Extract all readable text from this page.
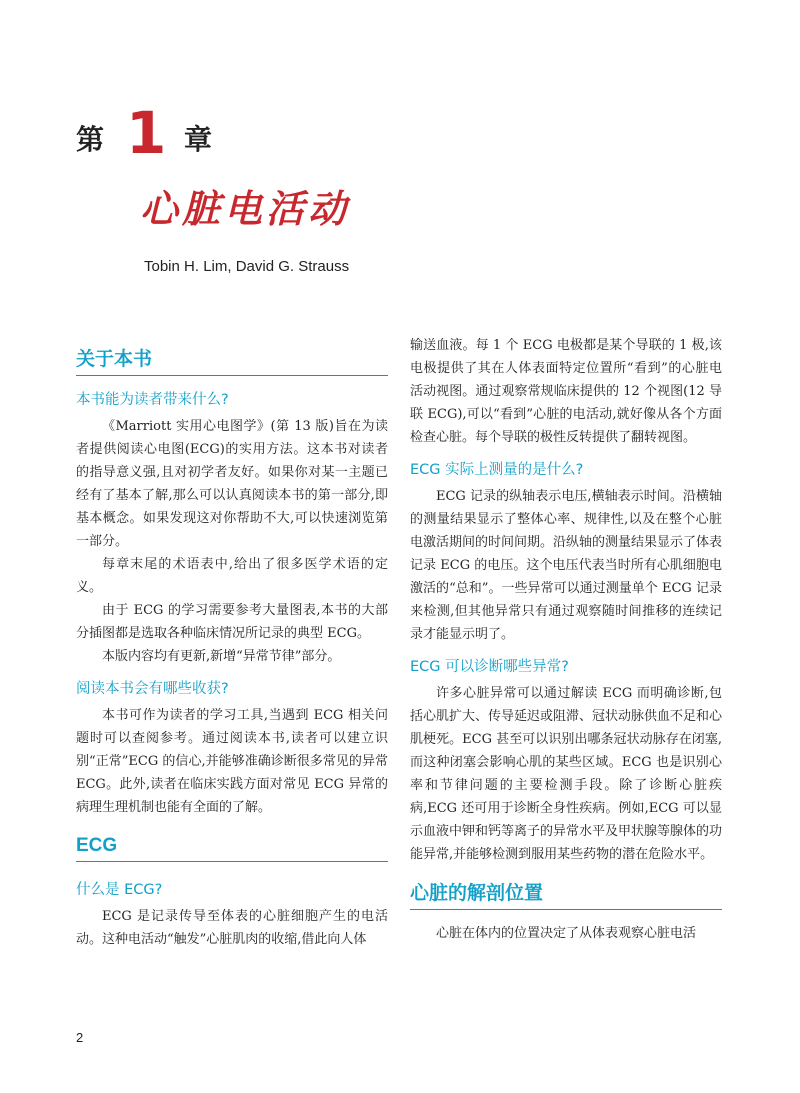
第 1 章
心脏电活动
Tobin H. Lim, David G. Strauss
关于本书
本书能为读者带来什么?

《Marriott 实用心电图学》(第 13 版)旨在为读者提供阅读心电图(ECG)的实用方法。这本书对读者的指导意义强,且对初学者友好。如果你对某一主题已经有了基本了解,那么可以认真阅读本书的第一部分,即基本概念。如果发现这对你帮助不大,可以快速浏览第一部分。

每章末尾的术语表中,给出了很多医学术语的定义。

由于 ECG 的学习需要参考大量图表,本书的大部分插图都是选取各种临床情况所记录的典型 ECG。

本版内容均有更新,新增“异常节律”部分。

阅读本书会有哪些收获?

本书可作为读者的学习工具,当遇到 ECG 相关问题时可以查阅参考。通过阅读本书,读者可以建立识别“正常”ECG 的信心,并能够准确诊断很多常见的异常 ECG。此外,读者在临床实践方面对常见 ECG 异常的病理生理机制也能有全面的了解。

ECG
什么是 ECG?

ECG 是记录传导至体表的心脏细胞产生的电活动。这种电活动“触发”心脏肌肉的收缩,借此向人体

输送血液。每 1 个 ECG 电极都是某个导联的 1 极,该电极提供了其在人体表面特定位置所“看到”的心脏电活动视图。通过观察常规临床提供的 12 个视图(12 导联 ECG),可以“看到”心脏的电活动,就好像从各个方面检查心脏。每个导联的极性反转提供了翻转视图。

ECG 实际上测量的是什么?

ECG 记录的纵轴表示电压,横轴表示时间。沿横轴的测量结果显示了整体心率、规律性,以及在整个心脏电激活期间的时间间期。沿纵轴的测量结果显示了体表记录 ECG 的电压。这个电压代表当时所有心肌细胞电激活的“总和”。一些异常可以通过测量单个 ECG 记录来检测,但其他异常只有通过观察随时间推移的连续记录才能显示明了。

ECG 可以诊断哪些异常?

许多心脏异常可以通过解读 ECG 而明确诊断,包括心肌扩大、传导延迟或阻滞、冠状动脉供血不足和心肌梗死。ECG 甚至可以识别出哪条冠状动脉存在闭塞,而这种闭塞会影响心肌的某些区域。ECG 也是识别心率和节律问题的主要检测手段。除了诊断心脏疾病,ECG 还可用于诊断全身性疾病。例如,ECG 可以显示血液中钾和钙等离子的异常水平及甲状腺等腺体的功能异常,并能够检测到服用某些药物的潜在危险水平。

心脏的解剖位置

心脏在体内的位置决定了从体表观察心脏电活

2
